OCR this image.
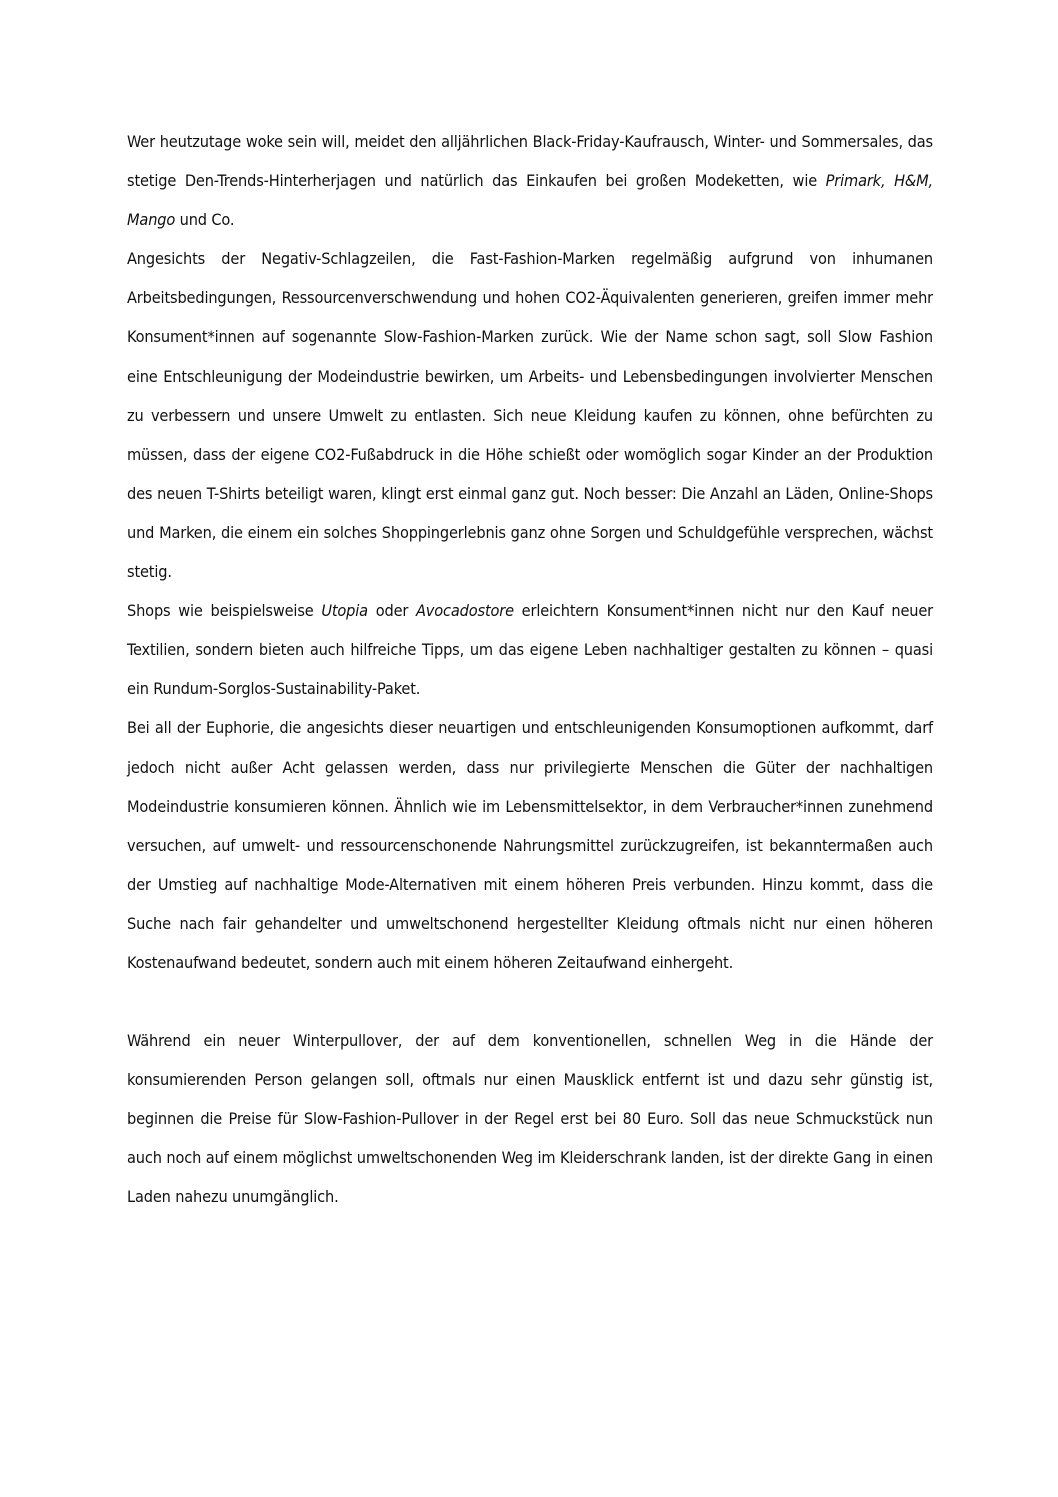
Wer heutzutage woke sein will, meidet den alljährlichen Black-Friday-Kaufrausch, Winter- und Sommersales, das stetige Den-Trends-Hinterherjagen und natürlich das Einkaufen bei großen Modeketten, wie Primark, H&M, Mango und Co.

Angesichts der Negativ-Schlagzeilen, die Fast-Fashion-Marken regelmäßig aufgrund von inhumanen Arbeitsbedingungen, Ressourcenverschwendung und hohen CO2-Äquivalenten generieren, greifen immer mehr Konsument*innen auf sogenannte Slow-Fashion-Marken zurück. Wie der Name schon sagt, soll Slow Fashion eine Entschleunigung der Modeindustrie bewirken, um Arbeits- und Lebensbedingungen involvierter Menschen zu verbessern und unsere Umwelt zu entlasten. Sich neue Kleidung kaufen zu können, ohne befürchten zu müssen, dass der eigene CO2-Fußabdruck in die Höhe schießt oder womöglich sogar Kinder an der Produktion des neuen T-Shirts beteiligt waren, klingt erst einmal ganz gut. Noch besser: Die Anzahl an Läden, Online-Shops und Marken, die einem ein solches Shoppingerlebnis ganz ohne Sorgen und Schuldgefühle versprechen, wächst stetig.

Shops wie beispielsweise Utopia oder Avocadostore erleichtern Konsument*innen nicht nur den Kauf neuer Textilien, sondern bieten auch hilfreiche Tipps, um das eigene Leben nachhaltiger gestalten zu können – quasi ein Rundum-Sorglos-Sustainability-Paket.

Bei all der Euphorie, die angesichts dieser neuartigen und entschleunigenden Konsumoptionen aufkommt, darf jedoch nicht außer Acht gelassen werden, dass nur privilegierte Menschen die Güter der nachhaltigen Modeindustrie konsumieren können. Ähnlich wie im Lebensmittelsektor, in dem Verbraucher*innen zunehmend versuchen, auf umwelt- und ressourcenschonende Nahrungsmittel zurückzugreifen, ist bekanntermaßen auch der Umstieg auf nachhaltige Mode-Alternativen mit einem höheren Preis verbunden. Hinzu kommt, dass die Suche nach fair gehandelter und umweltschonend hergestellter Kleidung oftmals nicht nur einen höheren Kostenaufwand bedeutet, sondern auch mit einem höheren Zeitaufwand einhergeht.

Während ein neuer Winterpullover, der auf dem konventionellen, schnellen Weg in die Hände der konsumierenden Person gelangen soll, oftmals nur einen Mausklick entfernt ist und dazu sehr günstig ist, beginnen die Preise für Slow-Fashion-Pullover in der Regel erst bei 80 Euro. Soll das neue Schmuckstück nun auch noch auf einem möglichst umweltschonenden Weg im Kleiderschrank landen, ist der direkte Gang in einen Laden nahezu unumgänglich.
